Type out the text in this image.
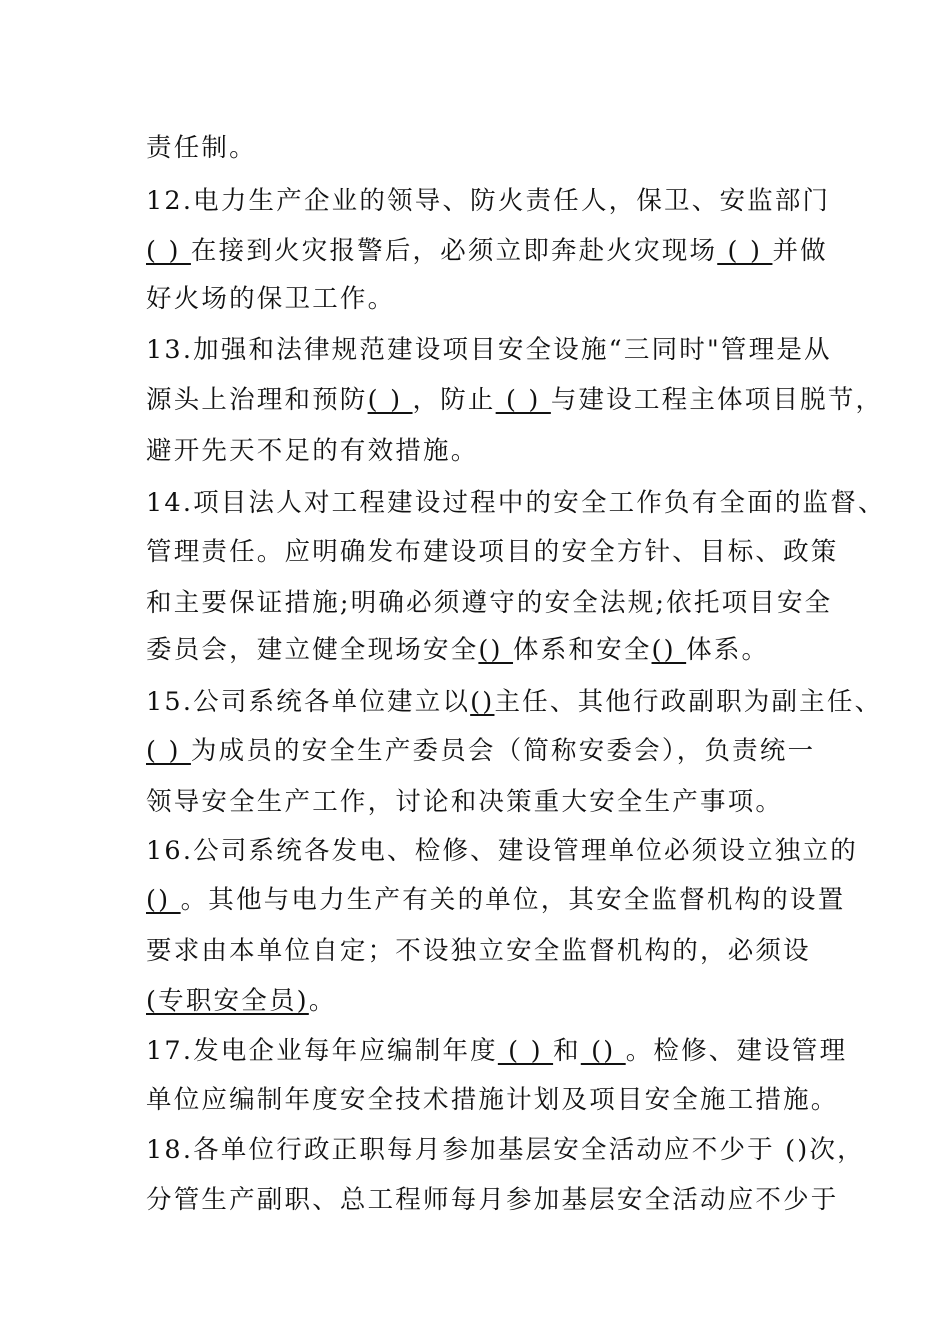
责任制。
12.电力生产企业的领导、防火责任人，保卫、安监部门
( ) 在接到火灾报警后，必须立即奔赴火灾现场 ( ) 并做
好火场的保卫工作。
13.加强和法律规范建设项目安全设施“三同时"管理是从
源头上治理和预防( ) ，防止 ( ) 与建设工程主体项目脱节，
避开先天不足的有效措施。
14.项目法人对工程建设过程中的安全工作负有全面的监督、
管理责任。应明确发布建设项目的安全方针、目标、政策
和主要保证措施;明确必须遵守的安全法规;依托项目安全
委员会，建立健全现场安全() 体系和安全() 体系。
15.公司系统各单位建立以()主任、其他行政副职为副主任、
( ) 为成员的安全生产委员会（简称安委会），负责统一
领导安全生产工作，讨论和决策重大安全生产事项。
16.公司系统各发电、检修、建设管理单位必须设立独立的
() 。其他与电力生产有关的单位，其安全监督机构的设置
要求由本单位自定；不设独立安全监督机构的，必须设
(专职安全员)。
17.发电企业每年应编制年度 ( ) 和 () 。检修、建设管理
单位应编制年度安全技术措施计划及项目安全施工措施。
18.各单位行政正职每月参加基层安全活动应不少于 ()次，
分管生产副职、总工程师每月参加基层安全活动应不少于
